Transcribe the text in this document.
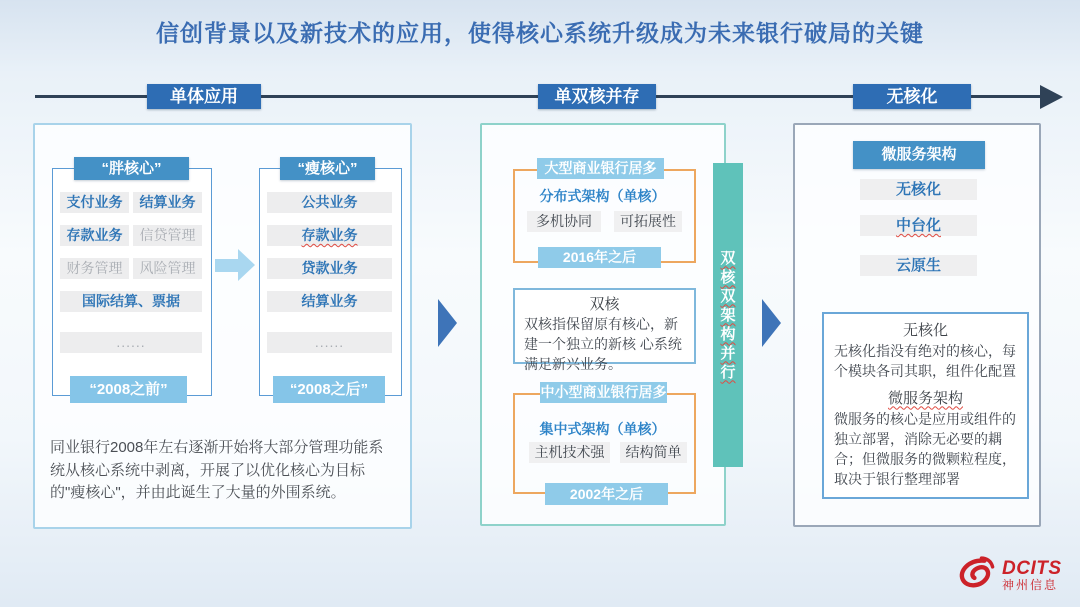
信创背景以及新技术的应用，使得核心系统升级成为未来银行破局的关键
单体应用	单双核并存	无核化
“胖核心”
支付业务	结算业务
存款业务	信贷管理
财务管理	风险管理
国际结算、票据
......
“2008之前”
“瘦核心”
公共业务
存款业务
贷款业务
结算业务
......
“2008之后”
同业银行2008年左右逐渐开始将大部分管理功能系统从核心系统中剥离，开展了以优化核心为目标的"瘦核心"，并由此诞生了大量的外围系统。
大型商业银行居多
分布式架构（单核）
多机协同	可拓展性
2016年之后
双核
双核指保留原有核心，新建一个独立的新核 心系统满足新兴业务。
中小型商业银行居多
集中式架构（单核）
主机技术强	结构简单
2002年之后
双
核
双
架
构
并
行
微服务架构
无核化
中台化
云原生
无核化
无核化指没有绝对的核心，每个模块各司其职，组件化配置
微服务架构
微服务的核心是应用或组件的独立部署，消除无必要的耦合；但微服务的微颗粒程度，取决于银行整理部署
DCITS
神州信息
